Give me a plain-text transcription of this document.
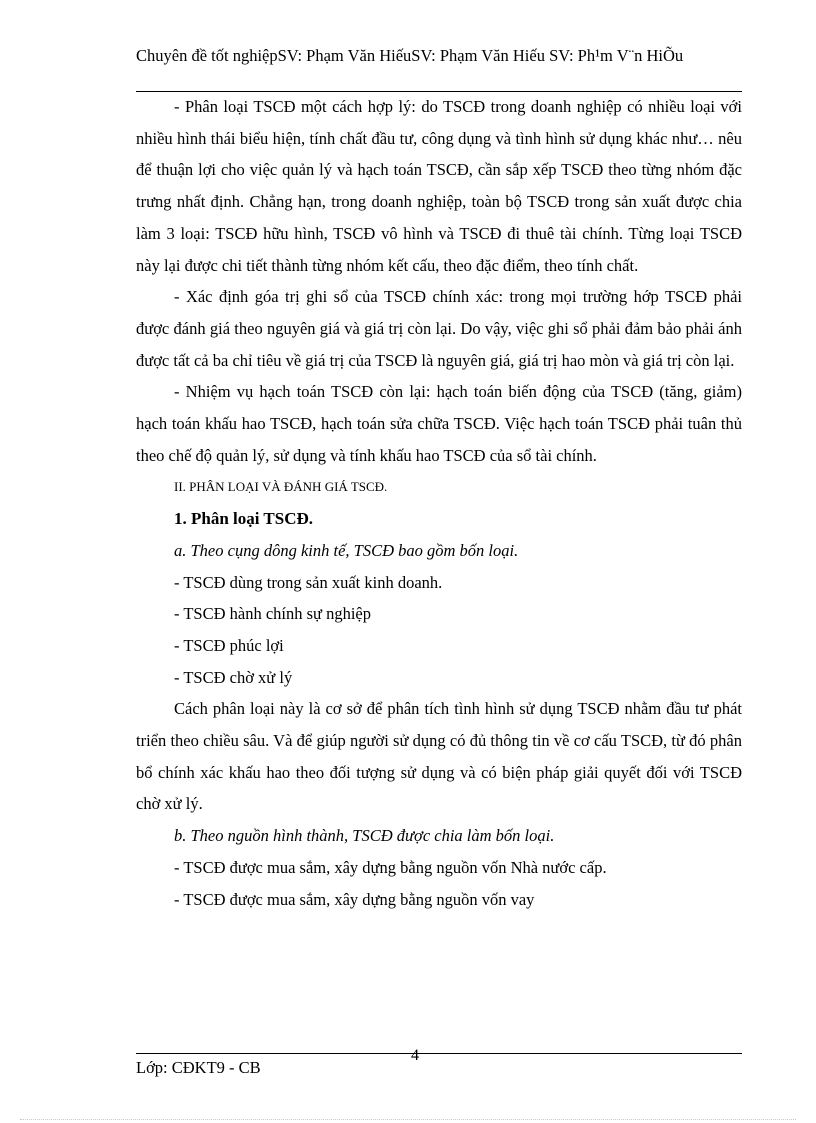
Chuyên đề tốt nghiệpSV: Phạm Văn HiếuSV: Phạm Văn Hiếu SV: Ph¹m V¨n HiÕu

- Phân loại TSCĐ một cách hợp lý: do TSCĐ trong doanh nghiệp có nhiều loại với nhiều hình thái biểu hiện, tính chất đầu tư, công dụng và tình hình sử dụng khác như… nêu để thuận lợi cho việc quản lý và hạch toán TSCĐ, cần sắp xếp TSCĐ theo từng nhóm đặc trưng nhất định. Chẳng hạn, trong doanh nghiệp, toàn bộ TSCĐ trong sản xuất được chia làm 3 loại: TSCĐ hữu hình, TSCĐ vô hình và TSCĐ đi thuê tài chính. Từng loại TSCĐ này lại được chi tiết thành từng nhóm kết cấu, theo đặc điểm, theo tính chất.

- Xác định góa trị ghi sổ của TSCĐ chính xác: trong mọi trường hớp TSCĐ phải được đánh giá theo nguyên giá và giá trị còn lại. Do vậy, việc ghi sổ phải đảm bảo phải ánh được tất cả ba chỉ tiêu về giá trị của TSCĐ là nguyên giá, giá trị hao mòn và giá trị còn lại.

- Nhiệm vụ hạch toán TSCĐ còn lại: hạch toán biến động của TSCĐ (tăng, giảm) hạch toán khấu hao TSCĐ, hạch toán sửa chữa TSCĐ. Việc hạch toán TSCĐ phải tuân thủ theo chế độ quản lý, sử dụng và tính khấu hao TSCĐ của sổ tài chính.

II. PHÂN LOẠI VÀ ĐÁNH GIÁ TSCĐ.

1. Phân loại TSCĐ.

a. Theo cụng dông kinh tế, TSCĐ bao gồm bốn loại.

- TSCĐ dùng trong sản xuất kinh doanh.

- TSCĐ hành chính sự nghiệp

- TSCĐ phúc lợi

- TSCĐ chờ xử lý

Cách phân loại này là cơ sở để phân tích tình hình sử dụng TSCĐ nhằm đầu tư phát triển theo chiều sâu. Và để giúp người sử dụng có đủ thông tin về cơ cấu TSCĐ, từ đó phân bổ chính xác khấu hao theo đối tượng sử dụng và có biện pháp giải quyết đối với TSCĐ chờ xử lý.

b. Theo nguồn hình thành, TSCĐ được chia làm bốn loại.

- TSCĐ được mua sắm, xây dựng bằng nguồn vốn Nhà nước cấp.

- TSCĐ được mua sắm, xây dựng bằng nguồn vốn vay

4
Lớp: CĐKT9 - CB
